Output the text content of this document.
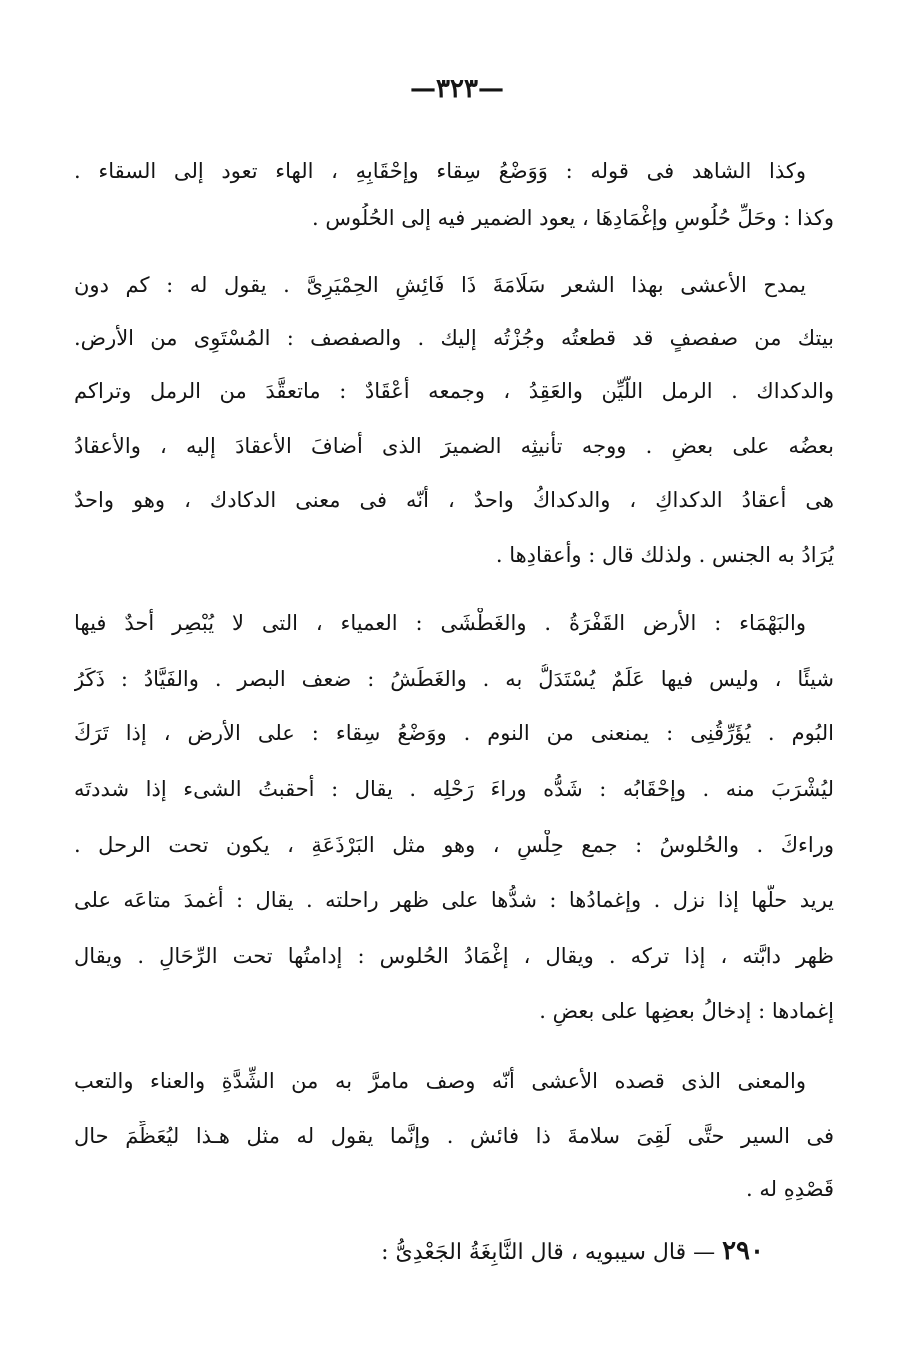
—٣٢٣—
وكذا الشاهد فى قوله : وَوَضْعُ سِقاء وإحْقَابِهِ ، الهاء تعود إلى السقاء .
وكذا : وحَلِّ حُلُوسٍ وإغْمَادِهَا ، يعود الضمير فيه إلى الحُلُوس .
يمدح الأعشى بهذا الشعر سَلَامَةَ ذَا فَائِشٍ الحِمْيَرِىَّ . يقول له : كم دون
بيتك من صفصفٍ قد قطعتُه وجُزْتُه إليك . والصفصف : المُسْتَوِى من الأرض.
والدكداك . الرمل اللَّيِّن والعَقِدُ ، وجمعه أعْقَادٌ : ماتعقَّدَ من الرمل وتراكم
بعضُه على بعضٍ . ووجه تأنيثِه الضميرَ الذى أضافَ الأعقادَ إليه ، والأعقادُ
هى أعقادُ الدكداكِ ، والدكداكُ واحدٌ ، أنّه فى معنى الدكادك ، وهو واحدٌ
يُرَادُ به الجنس . ولذلك قال : وأعقادِها .
والبَهْمَاء : الأرض القَفْرَةُ . والغَطْشَى : العمياء ، التى لا يُبْصِر أحدٌ فيها
شيئًا ، وليس فيها عَلَمٌ يُسْتَدَلُّ به . والغَطَشُ : ضعف البصر . والفَيَّادُ : ذَكَرُ
البُوم . يُؤَرِّقُنِى : يمنعنى من النوم . ووَضْعُ سِقاء : على الأرض ، إذا تَرَكَ
ليُشْرَبَ منه . وإحْقَابُه : شَدُّه وراءَ رَحْلِه . يقال : أحقبتُ الشىء إذا شددتَه
وراءكَ . والحُلوسُ : جمع حِلْسٍ ، وهو مثل البَرْذَعَةِ ، يكون تحت الرحل .
يريد حلَّها إذا نزل . وإغمادُها : شدُّها على ظهر راحلته . يقال : أغمدَ متاعَه على
ظهر دابَّته ، إذا تركه . ويقال ، إغْمَادُ الحُلوس : إدامتُها تحت الرِّحَالِ . ويقال
إغمادها : إدخالُ بعضِها على بعضٍ .
والمعنى الذى قصده الأعشى أنّه وصف مامرَّ به من الشِّدَّةِ والعناء والتعب
فى السير حتَّى لَقِىَ سلامةَ ذا فائش . وإنَّما يقول له مثل هـذا ليُعَظِّمَ حال
قَصْدِهِ له .
٢٩٠ — قال سيبويه ، قال النَّابِغَةُ الجَعْدِىُّ :
